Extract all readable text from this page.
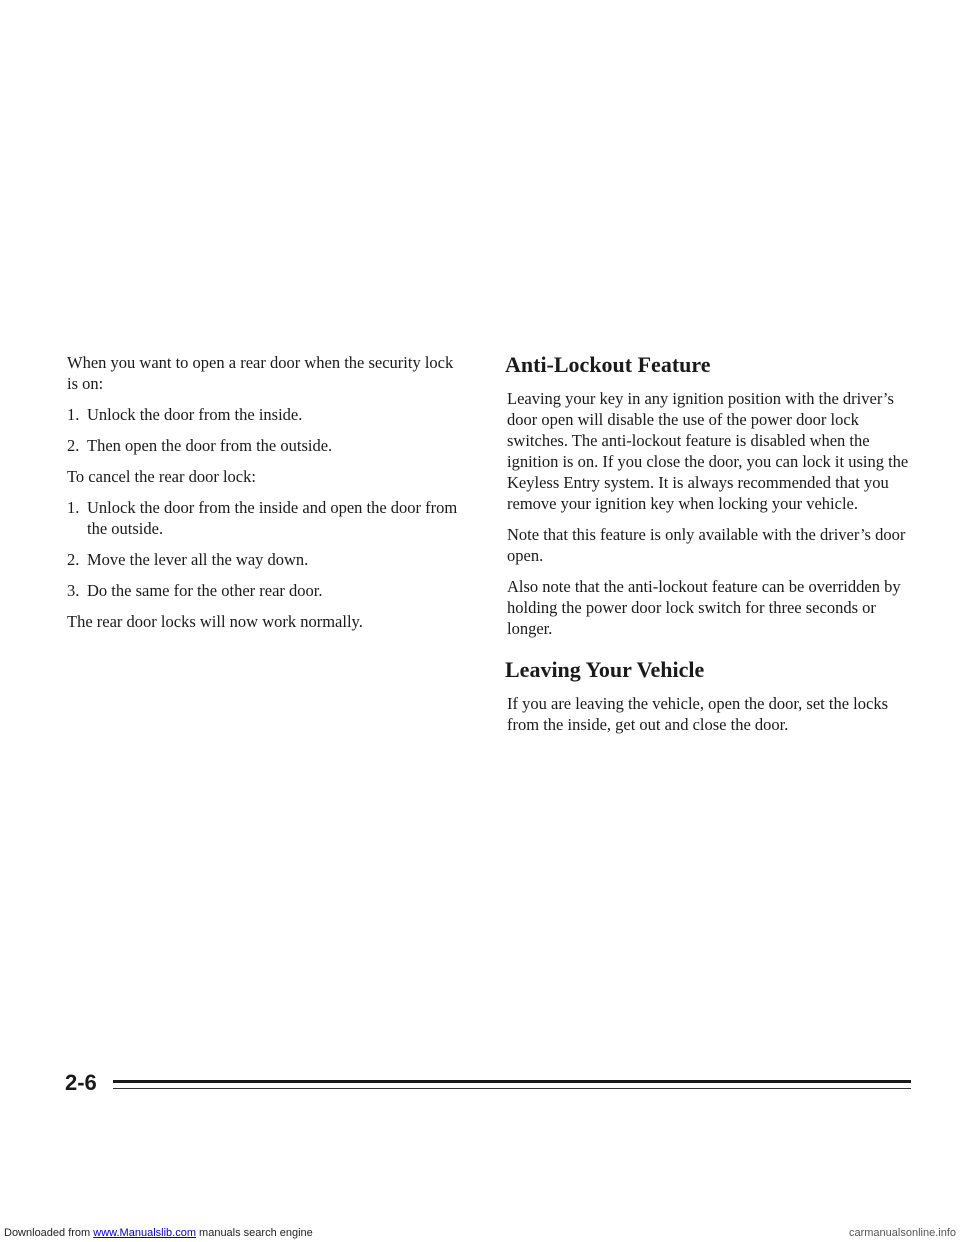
When you want to open a rear door when the security lock is on:

1. Unlock the door from the inside.
2. Then open the door from the outside.

To cancel the rear door lock:

1. Unlock the door from the inside and open the door from the outside.
2. Move the lever all the way down.
3. Do the same for the other rear door.

The rear door locks will now work normally.

Anti-Lockout Feature

Leaving your key in any ignition position with the driver’s door open will disable the use of the power door lock switches. The anti-lockout feature is disabled when the ignition is on. If you close the door, you can lock it using the Keyless Entry system. It is always recommended that you remove your ignition key when locking your vehicle.

Note that this feature is only available with the driver’s door open.

Also note that the anti-lockout feature can be overridden by holding the power door lock switch for three seconds or longer.

Leaving Your Vehicle

If you are leaving the vehicle, open the door, set the locks from the inside, get out and close the door.

2-6
Downloaded from www.Manualslib.com manuals search engine	carmanualsonline.info
